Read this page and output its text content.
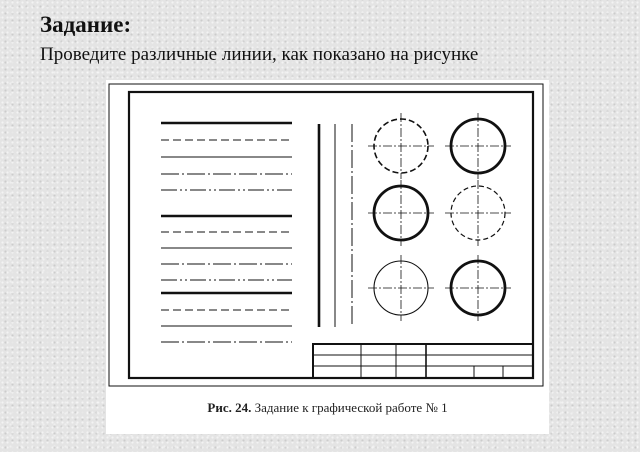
Задание:

Проведите различные линии, как показано на рисунке

Рис. 24. Задание к графической работе № 1
